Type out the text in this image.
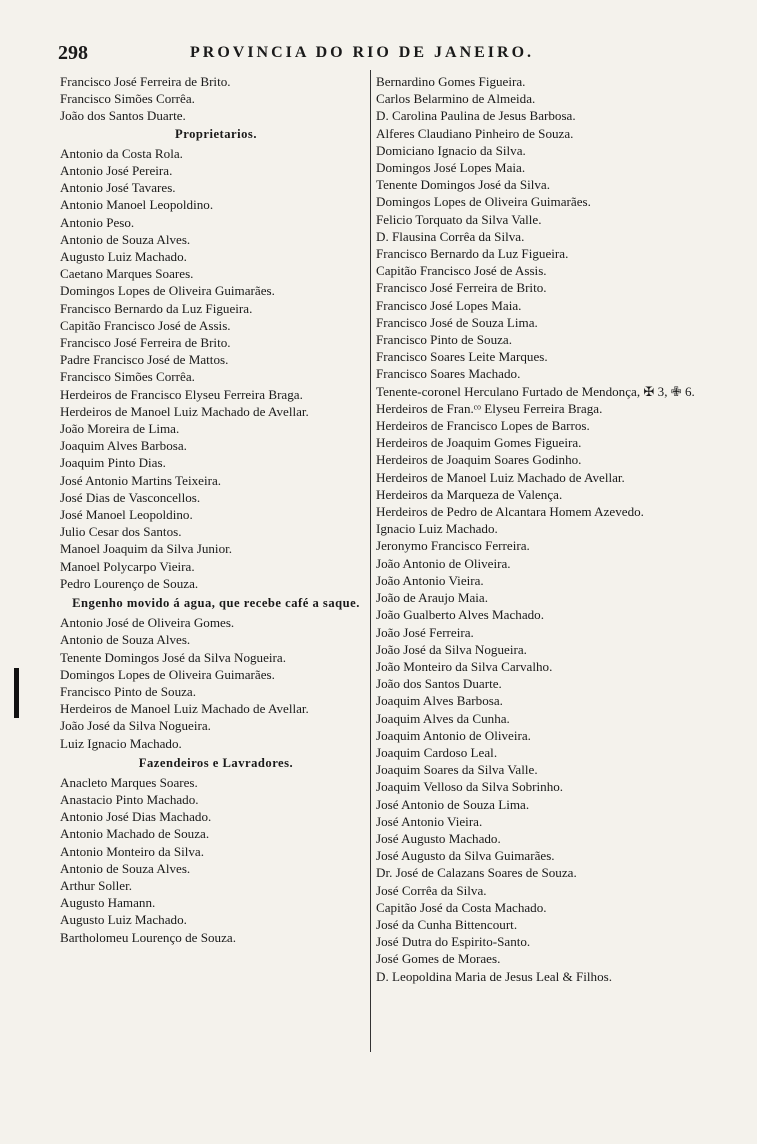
298	PROVINCIA DO RIO DE JANEIRO.
Francisco José Ferreira de Brito.
Francisco Simões Corrêa.
João dos Santos Duarte.
Proprietarios.
Antonio da Costa Rola.
Antonio José Pereira.
Antonio José Tavares.
Antonio Manoel Leopoldino.
Antonio Peso.
Antonio de Souza Alves.
Augusto Luiz Machado.
Caetano Marques Soares.
Domingos Lopes de Oliveira Guimarães.
Francisco Bernardo da Luz Figueira.
Capitão Francisco José de Assis.
Francisco José Ferreira de Brito.
Padre Francisco José de Mattos.
Francisco Simões Corrêa.
Herdeiros de Francisco Elyseu Ferreira Braga.
Herdeiros de Manoel Luiz Machado de Avellar.
João Moreira de Lima.
Joaquim Alves Barbosa.
Joaquim Pinto Dias.
José Antonio Martins Teixeira.
José Dias de Vasconcellos.
José Manoel Leopoldino.
Julio Cesar dos Santos.
Manoel Joaquim da Silva Junior.
Manoel Polycarpo Vieira.
Pedro Lourenço de Souza.
Engenho movido á agua, que recebe café a saque.
Antonio José de Oliveira Gomes.
Antonio de Souza Alves.
Tenente Domingos José da Silva Nogueira.
Domingos Lopes de Oliveira Guimarães.
Francisco Pinto de Souza.
Herdeiros de Manoel Luiz Machado de Avellar.
João José da Silva Nogueira.
Luiz Ignacio Machado.
Fazendeiros e Lavradores.
Anacleto Marques Soares.
Anastacio Pinto Machado.
Antonio José Dias Machado.
Antonio Machado de Souza.
Antonio Monteiro da Silva.
Antonio de Souza Alves.
Arthur Soller.
Augusto Hamann.
Augusto Luiz Machado.
Bartholomeu Lourenço de Souza.
Bernardino Gomes Figueira.
Carlos Belarmino de Almeida.
D. Carolina Paulina de Jesus Barbosa.
Alferes Claudiano Pinheiro de Souza.
Domiciano Ignacio da Silva.
Domingos José Lopes Maia.
Tenente Domingos José da Silva.
Domingos Lopes de Oliveira Guimarães.
Felicio Torquato da Silva Valle.
D. Flausina Corrêa da Silva.
Francisco Bernardo da Luz Figueira.
Capitão Francisco José de Assis.
Francisco José Ferreira de Brito.
Francisco José Lopes Maia.
Francisco José de Souza Lima.
Francisco Pinto de Souza.
Francisco Soares Leite Marques.
Francisco Soares Machado.
Tenente-coronel Herculano Furtado de Mendonça, ✠ 3, ✙ 6.
Herdeiros de Fran.ᶜᵒ Elyseu Ferreira Braga.
Herdeiros de Francisco Lopes de Barros.
Herdeiros de Joaquim Gomes Figueira.
Herdeiros de Joaquim Soares Godinho.
Herdeiros de Manoel Luiz Machado de Avellar.
Herdeiros da Marqueza de Valença.
Herdeiros de Pedro de Alcantara Homem Azevedo.
Ignacio Luiz Machado.
Jeronymo Francisco Ferreira.
João Antonio de Oliveira.
João Antonio Vieira.
João de Araujo Maia.
João Gualberto Alves Machado.
João José Ferreira.
João José da Silva Nogueira.
João Monteiro da Silva Carvalho.
João dos Santos Duarte.
Joaquim Alves Barbosa.
Joaquim Alves da Cunha.
Joaquim Antonio de Oliveira.
Joaquim Cardoso Leal.
Joaquim Soares da Silva Valle.
Joaquim Velloso da Silva Sobrinho.
José Antonio de Souza Lima.
José Antonio Vieira.
José Augusto Machado.
José Augusto da Silva Guimarães.
Dr. José de Calazans Soares de Souza.
José Corrêa da Silva.
Capitão José da Costa Machado.
José da Cunha Bittencourt.
José Dutra do Espirito-Santo.
José Gomes de Moraes.
D. Leopoldina Maria de Jesus Leal & Filhos.
